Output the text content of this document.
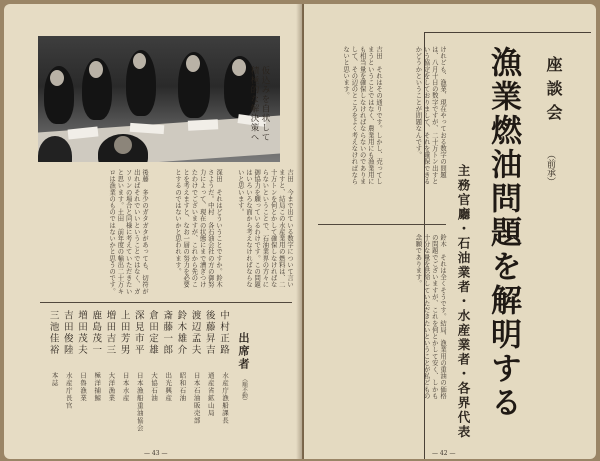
仮込みを自状して
積極的な解決策へ
吉田　今まで出ている数字について言いますと、結局この水産業用の燃料は、二十万トンを何とかして確保しなければならないということで、石油業界の方々に御協力を願っているわけです。この問題はいろいろな面から考えなければならないと思います。
深田　それはどういうことですか。鈴木　さようだ。中村　各石油会社の方の御努力によって、現在の状態にまで漕ぎつけたわけでございますが、これから先のことを考えますと、なお一層の努力を必要とするのではないかと思われます。
後藤　多少のガタガタがあっても、切符が出ればそれでいいということではなく、ガソリンの場合と同様に考えていただきたいと思います。土田　前年度の輸出二十万キロは漁業のものではないかと思うのです。
出席者
（順不動）
中村正路
水産庁漁船課長
後藤昇吉
通産省鉱山局
渡辺孟夫
日本石油販売部
鈴木雄介
昭和石油
斎藤一郎
出光興産
倉田定雄
大協石油
深見市平
日本漁船重油協会
上田芳男
日本水産
増田吉三
大洋漁業
鹿島茂一
極洋捕鯨
増田茂夫
日魯漁業
吉田俊陸
水産庁長官
三池佳裕
本誌
— 43 —
座談会
（前承）
漁業燃油問題を解明する
主務官廳・石油業者・水産業者・各界代表
けれども、漁業、現在やっておる数字の問題は、八月十日の数字ですが、二十万トン出すという協定をしておりまして、それを確保できるかどうかということが問題なんです。
吉田　それはその通りです。しかし、売ってしまうということではなく、農業用にも漁業用にも相当量を確保しなければならないのでありまして、その辺のところをよく考えなければならないと思います。
鈴木　それは全くそうです。結局、漁業用の重油の価格の問題でございますが、これを何とかして安く、しかも十分な量を供給していただきたいということが私どもの念願であります。
— 42 —
